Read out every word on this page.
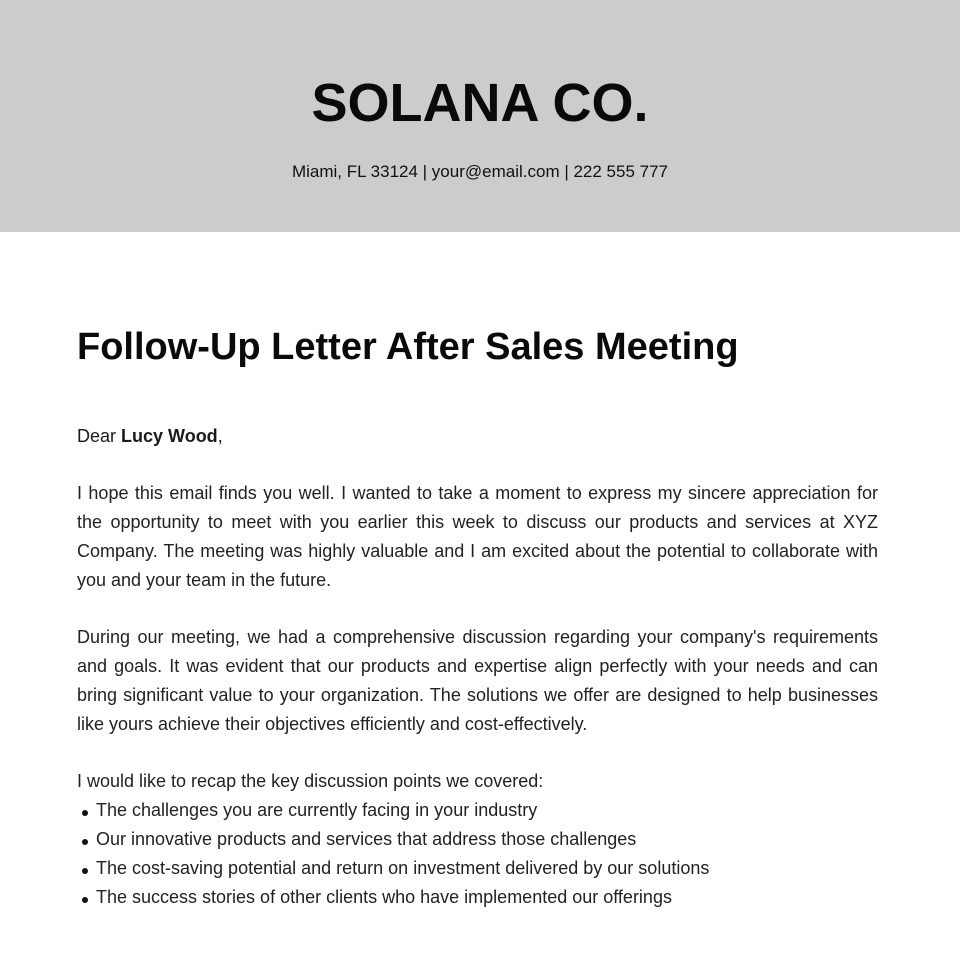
SOLANA CO.
Miami, FL 33124 | your@email.com | 222 555 777
Follow-Up Letter After Sales Meeting
Dear Lucy Wood,

I hope this email finds you well. I wanted to take a moment to express my sincere appreciation for the opportunity to meet with you earlier this week to discuss our products and services at XYZ Company. The meeting was highly valuable and I am excited about the potential to collaborate with you and your team in the future.

During our meeting, we had a comprehensive discussion regarding your company's requirements and goals. It was evident that our products and expertise align perfectly with your needs and can bring significant value to your organization. The solutions we offer are designed to help businesses like yours achieve their objectives efficiently and cost-effectively.

I would like to recap the key discussion points we covered:
The challenges you are currently facing in your industry
Our innovative products and services that address those challenges
The cost-saving potential and return on investment delivered by our solutions
The success stories of other clients who have implemented our offerings
